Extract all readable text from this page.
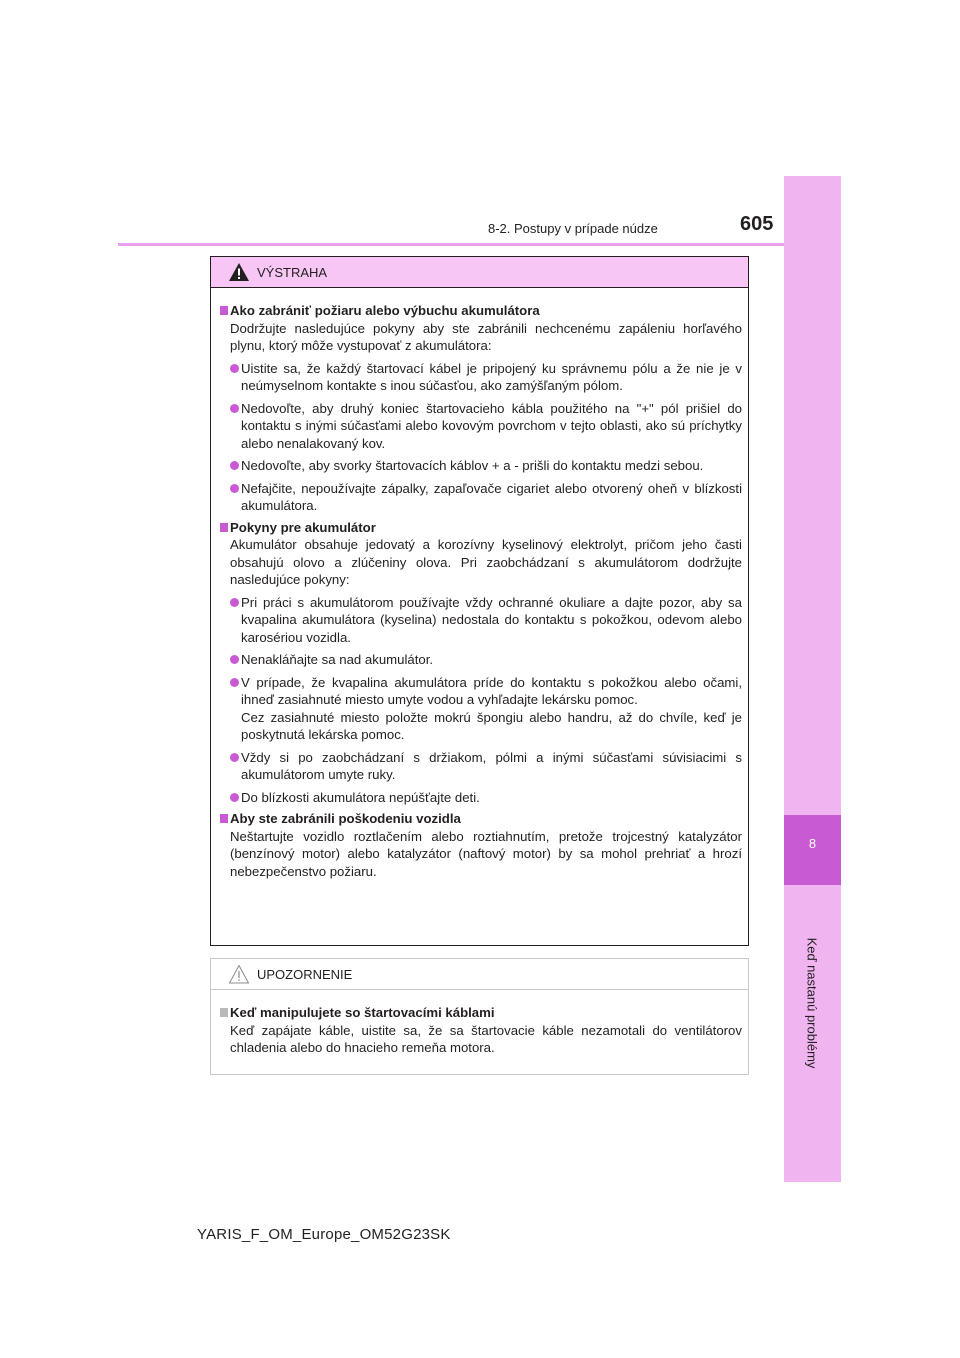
8
Keď nastanú problémy
8-2. Postupy v prípade núdze	605
VÝSTRAHA
Ako zabrániť požiaru alebo výbuchu akumulátora
Dodržujte nasledujúce pokyny aby ste zabránili nechcenému zapáleniu horľavého plynu, ktorý môže vystupovať z akumulátora:
Uistite sa, že každý štartovací kábel je pripojený ku správnemu pólu a že nie je v neúmyselnom kontakte s inou súčasťou, ako zamýšľaným pólom.
Nedovoľte, aby druhý koniec štartovacieho kábla použitého na "+" pól prišiel do kontaktu s inými súčasťami alebo kovovým povrchom v tejto oblasti, ako sú príchytky alebo nenalakovaný kov.
Nedovoľte, aby svorky štartovacích káblov + a - prišli do kontaktu medzi sebou.
Nefajčite, nepoužívajte zápalky, zapaľovače cigariet alebo otvorený oheň v blízkosti akumulátora.
Pokyny pre akumulátor
Akumulátor obsahuje jedovatý a korozívny kyselinový elektrolyt, pričom jeho časti obsahujú olovo a zlúčeniny olova. Pri zaobchádzaní s akumulátorom dodržujte nasledujúce pokyny:
Pri práci s akumulátorom používajte vždy ochranné okuliare a dajte pozor, aby sa kvapalina akumulátora (kyselina) nedostala do kontaktu s pokožkou, odevom alebo karosériou vozidla.
Nenakláňajte sa nad akumulátor.
V prípade, že kvapalina akumulátora príde do kontaktu s pokožkou alebo očami, ihneď zasiahnuté miesto umyte vodou a vyhľadajte lekársku pomoc.
Cez zasiahnuté miesto položte mokrú špongiu alebo handru, až do chvíle, keď je poskytnutá lekárska pomoc.
Vždy si po zaobchádzaní s držiakom, pólmi a inými súčasťami súvisiacimi s akumulátorom umyte ruky.
Do blízkosti akumulátora nepúšťajte deti.
Aby ste zabránili poškodeniu vozidla
Neštartujte vozidlo roztlačením alebo roztiahnutím, pretože trojcestný katalyzátor (benzínový motor) alebo katalyzátor (naftový motor) by sa mohol prehriať a hrozí nebezpečenstvo požiaru.
UPOZORNENIE
Keď manipulujete so štartovacími káblami
Keď zapájate káble, uistite sa, že sa štartovacie káble nezamotali do ventilátorov chladenia alebo do hnacieho remeňa motora.
YARIS_F_OM_Europe_OM52G23SK
